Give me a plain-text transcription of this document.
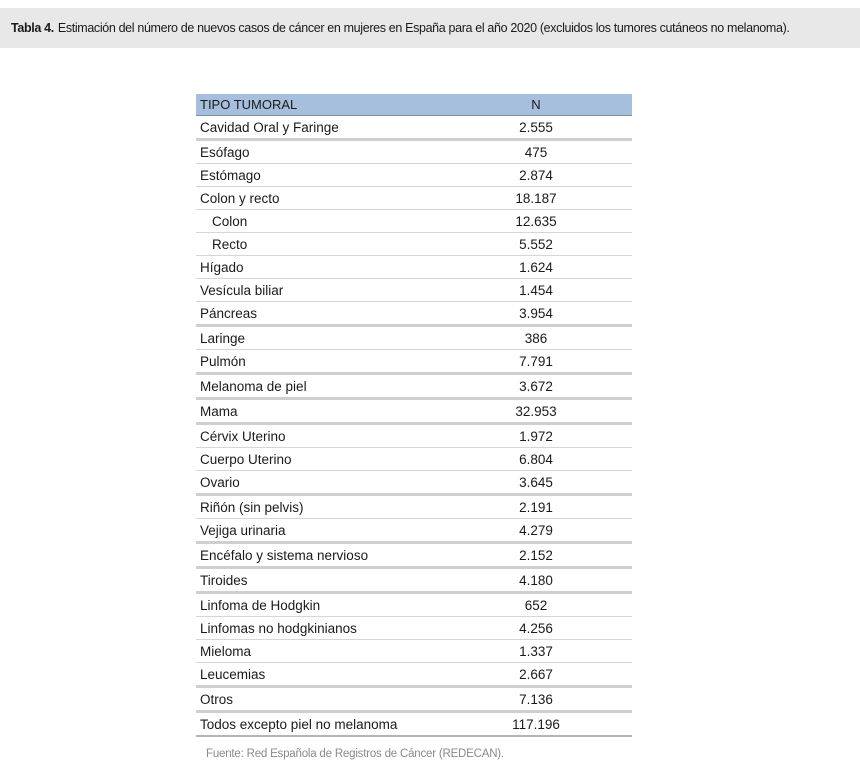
Tabla 4. Estimación del número de nuevos casos de cáncer en mujeres en España para el año 2020 (excluidos los tumores cutáneos no melanoma).
TIPO TUMORAL	N
Cavidad Oral y Faringe	2.555
Esófago	475
Estómago	2.874
Colon y recto	18.187
Colon	12.635
Recto	5.552
Hígado	1.624
Vesícula biliar	1.454
Páncreas	3.954
Laringe	386
Pulmón	7.791
Melanoma de piel	3.672
Mama	32.953
Cérvix Uterino	1.972
Cuerpo Uterino	6.804
Ovario	3.645
Riñón (sin pelvis)	2.191
Vejiga urinaria	4.279
Encéfalo y sistema nervioso	2.152
Tiroides	4.180
Linfoma de Hodgkin	652
Linfomas no hodgkinianos	4.256
Mieloma	1.337
Leucemias	2.667
Otros	7.136
Todos excepto piel no melanoma	117.196
Fuente: Red Española de Registros de Cáncer (REDECAN).
